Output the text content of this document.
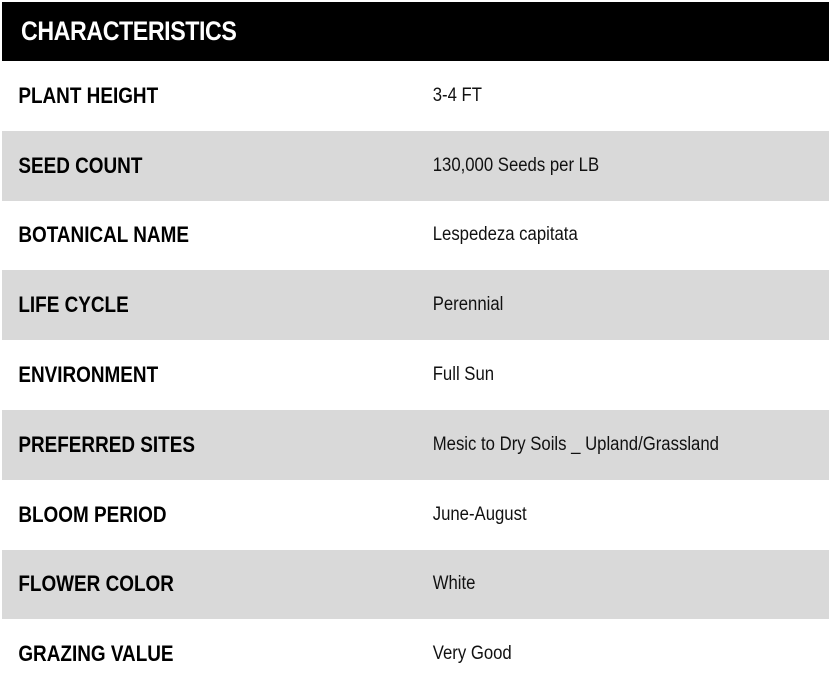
CHARACTERISTICS
PLANT HEIGHT	3-4 FT
SEED COUNT	130,000 Seeds per LB
BOTANICAL NAME	Lespedeza capitata
LIFE CYCLE	Perennial
ENVIRONMENT	Full Sun
PREFERRED SITES	Mesic to Dry Soils _ Upland/Grassland
BLOOM PERIOD	June-August
FLOWER COLOR	White
GRAZING VALUE	Very Good
